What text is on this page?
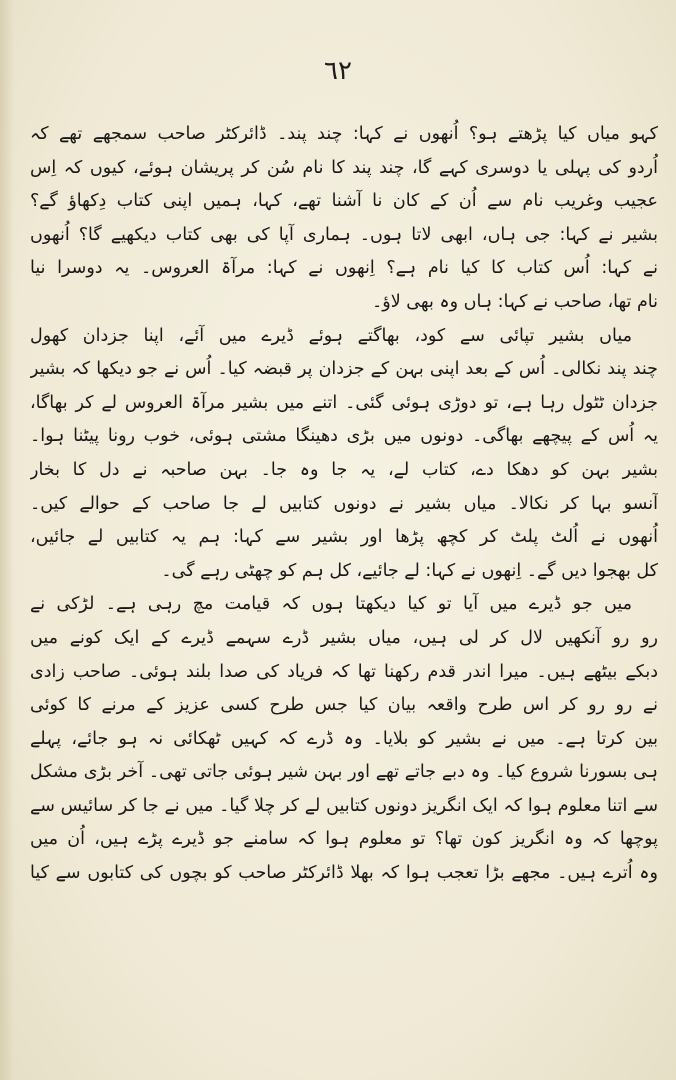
٦٢
کہو میاں کیا پڑھتے ہو؟ اُنھوں نے کہا: چند پند۔ ڈائرکٹر صاحب سمجھے تھے کہ
اُردو کی پہلی یا دوسری کہے گا، چند پند کا نام سُن کر پریشان ہوئے، کیوں کہ اِس
عجیب وغریب نام سے اُن کے کان نا آشنا تھے، کہا، ہمیں اپنی کتاب دِکھاؤ گے؟
بشیر نے کہا: جی ہاں، ابھی لاتا ہوں۔ ہماری آپا کی بھی کتاب دیکھیے گا؟ اُنھوں
نے کہا: اُس کتاب کا کیا نام ہے؟ اِنھوں نے کہا: مرآۃ العروس۔ یہ دوسرا نیا
نام تھا، صاحب نے کہا: ہاں وہ بھی لاؤ۔
میاں بشیر تپائی سے کود، بھاگتے ہوئے ڈیرے میں آئے، اپنا جزدان کھول
چند پند نکالی۔ اُس کے بعد اپنی بہن کے جزدان پر قبضہ کیا۔ اُس نے جو دیکھا کہ بشیر
جزدان ٹٹول رہا ہے، تو دوڑی ہوئی گئی۔ اتنے میں بشیر مرآۃ العروس لے کر بھاگا،
یہ اُس کے پیچھے بھاگی۔ دونوں میں بڑی دھینگا مشتی ہوئی، خوب رونا پیٹنا ہوا۔
بشیر بہن کو دھکا دے، کتاب لے، یہ جا وہ جا۔ بہن صاحبہ نے دل کا بخار
آنسو بہا کر نکالا۔ میاں بشیر نے دونوں کتابیں لے جا صاحب کے حوالے کیں۔
اُنھوں نے اُلٹ پلٹ کر کچھ پڑھا اور بشیر سے کہا: ہم یہ کتابیں لے جائیں،
کل بھجوا دیں گے۔ اِنھوں نے کہا: لے جائیے، کل ہم کو چھٹی رہے گی۔
میں جو ڈیرے میں آیا تو کیا دیکھتا ہوں کہ قیامت مچ رہی ہے۔ لڑکی نے
رو رو آنکھیں لال کر لی ہیں، میاں بشیر ڈرے سہمے ڈیرے کے ایک کونے میں
دبکے بیٹھے ہیں۔ میرا اندر قدم رکھنا تھا کہ فریاد کی صدا بلند ہوئی۔ صاحب زادی
نے رو رو کر اس طرح واقعہ بیان کیا جس طرح کسی عزیز کے مرنے کا کوئی
بین کرتا ہے۔ میں نے بشیر کو بلایا۔ وہ ڈرے کہ کہیں ٹھکائی نہ ہو جائے، پہلے
ہی بسورنا شروع کیا۔ وہ دبے جاتے تھے اور بہن شیر ہوئی جاتی تھی۔ آخر بڑی مشکل
سے اتنا معلوم ہوا کہ ایک انگریز دونوں کتابیں لے کر چلا گیا۔ میں نے جا کر سائیس سے
پوچھا کہ وہ انگریز کون تھا؟ تو معلوم ہوا کہ سامنے جو ڈیرے پڑے ہیں، اُن میں
وہ اُترے ہیں۔ مجھے بڑا تعجب ہوا کہ بھلا ڈائرکٹر صاحب کو بچوں کی کتابوں سے کیا
